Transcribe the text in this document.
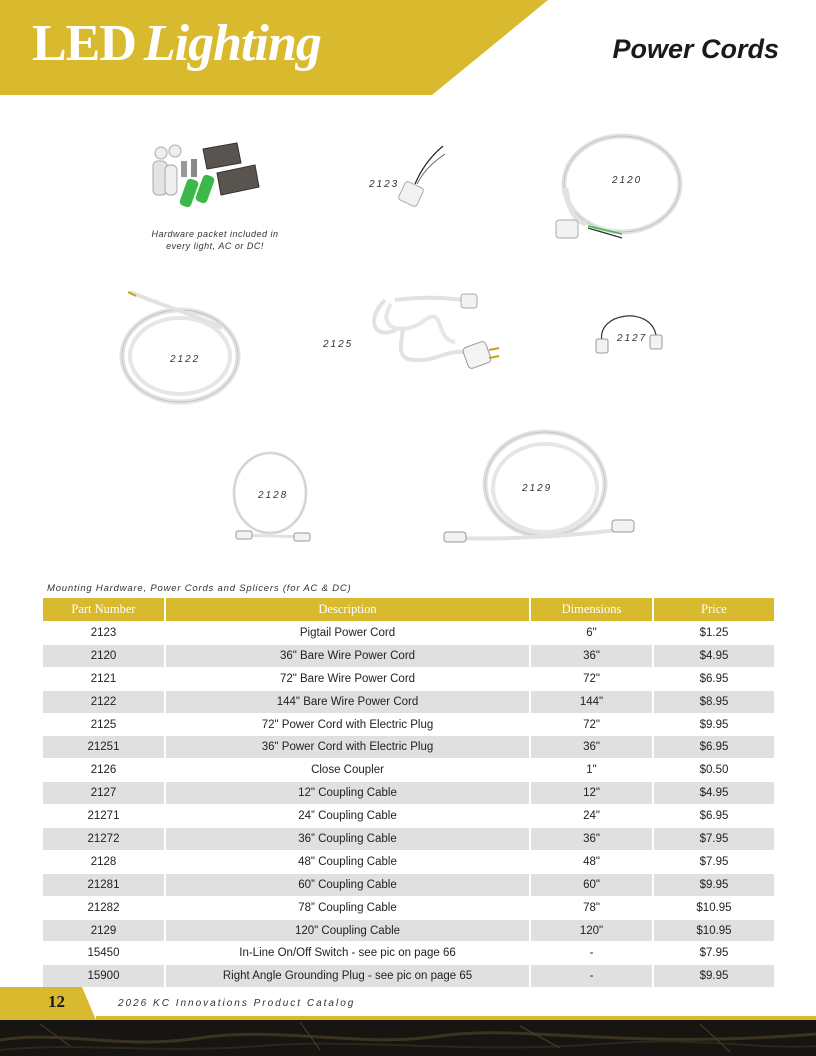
LED Lighting	Power Cords
Hardware packet included in every light, AC or DC!
2123	2120
2122
2125
2127
2128
2129
Mounting Hardware, Power Cords and Splicers (for AC & DC)
Part Number	Description	Dimensions	Price
2123	Pigtail Power Cord	6"	$1.25
2120	36" Bare Wire Power Cord	36"	$4.95
2121	72" Bare Wire Power Cord	72"	$6.95
2122	144" Bare Wire Power Cord	144"	$8.95
2125	72" Power Cord with Electric Plug	72"	$9.95
21251	36" Power Cord with Electric Plug	36"	$6.95
2126	Close Coupler	1"	$0.50
2127	12" Coupling Cable	12"	$4.95
21271	24” Coupling Cable	24"	$6.95
21272	36” Coupling Cable	36"	$7.95
2128	48" Coupling Cable	48"	$7.95
21281	60” Coupling Cable	60"	$9.95
21282	78” Coupling Cable	78"	$10.95
2129	120" Coupling Cable	120"	$10.95
15450	In-Line On/Off Switch - see pic on page 66	-	$7.95
15900	Right Angle Grounding Plug - see pic on page 65	-	$9.95
12	2026 KC Innovations Product Catalog
